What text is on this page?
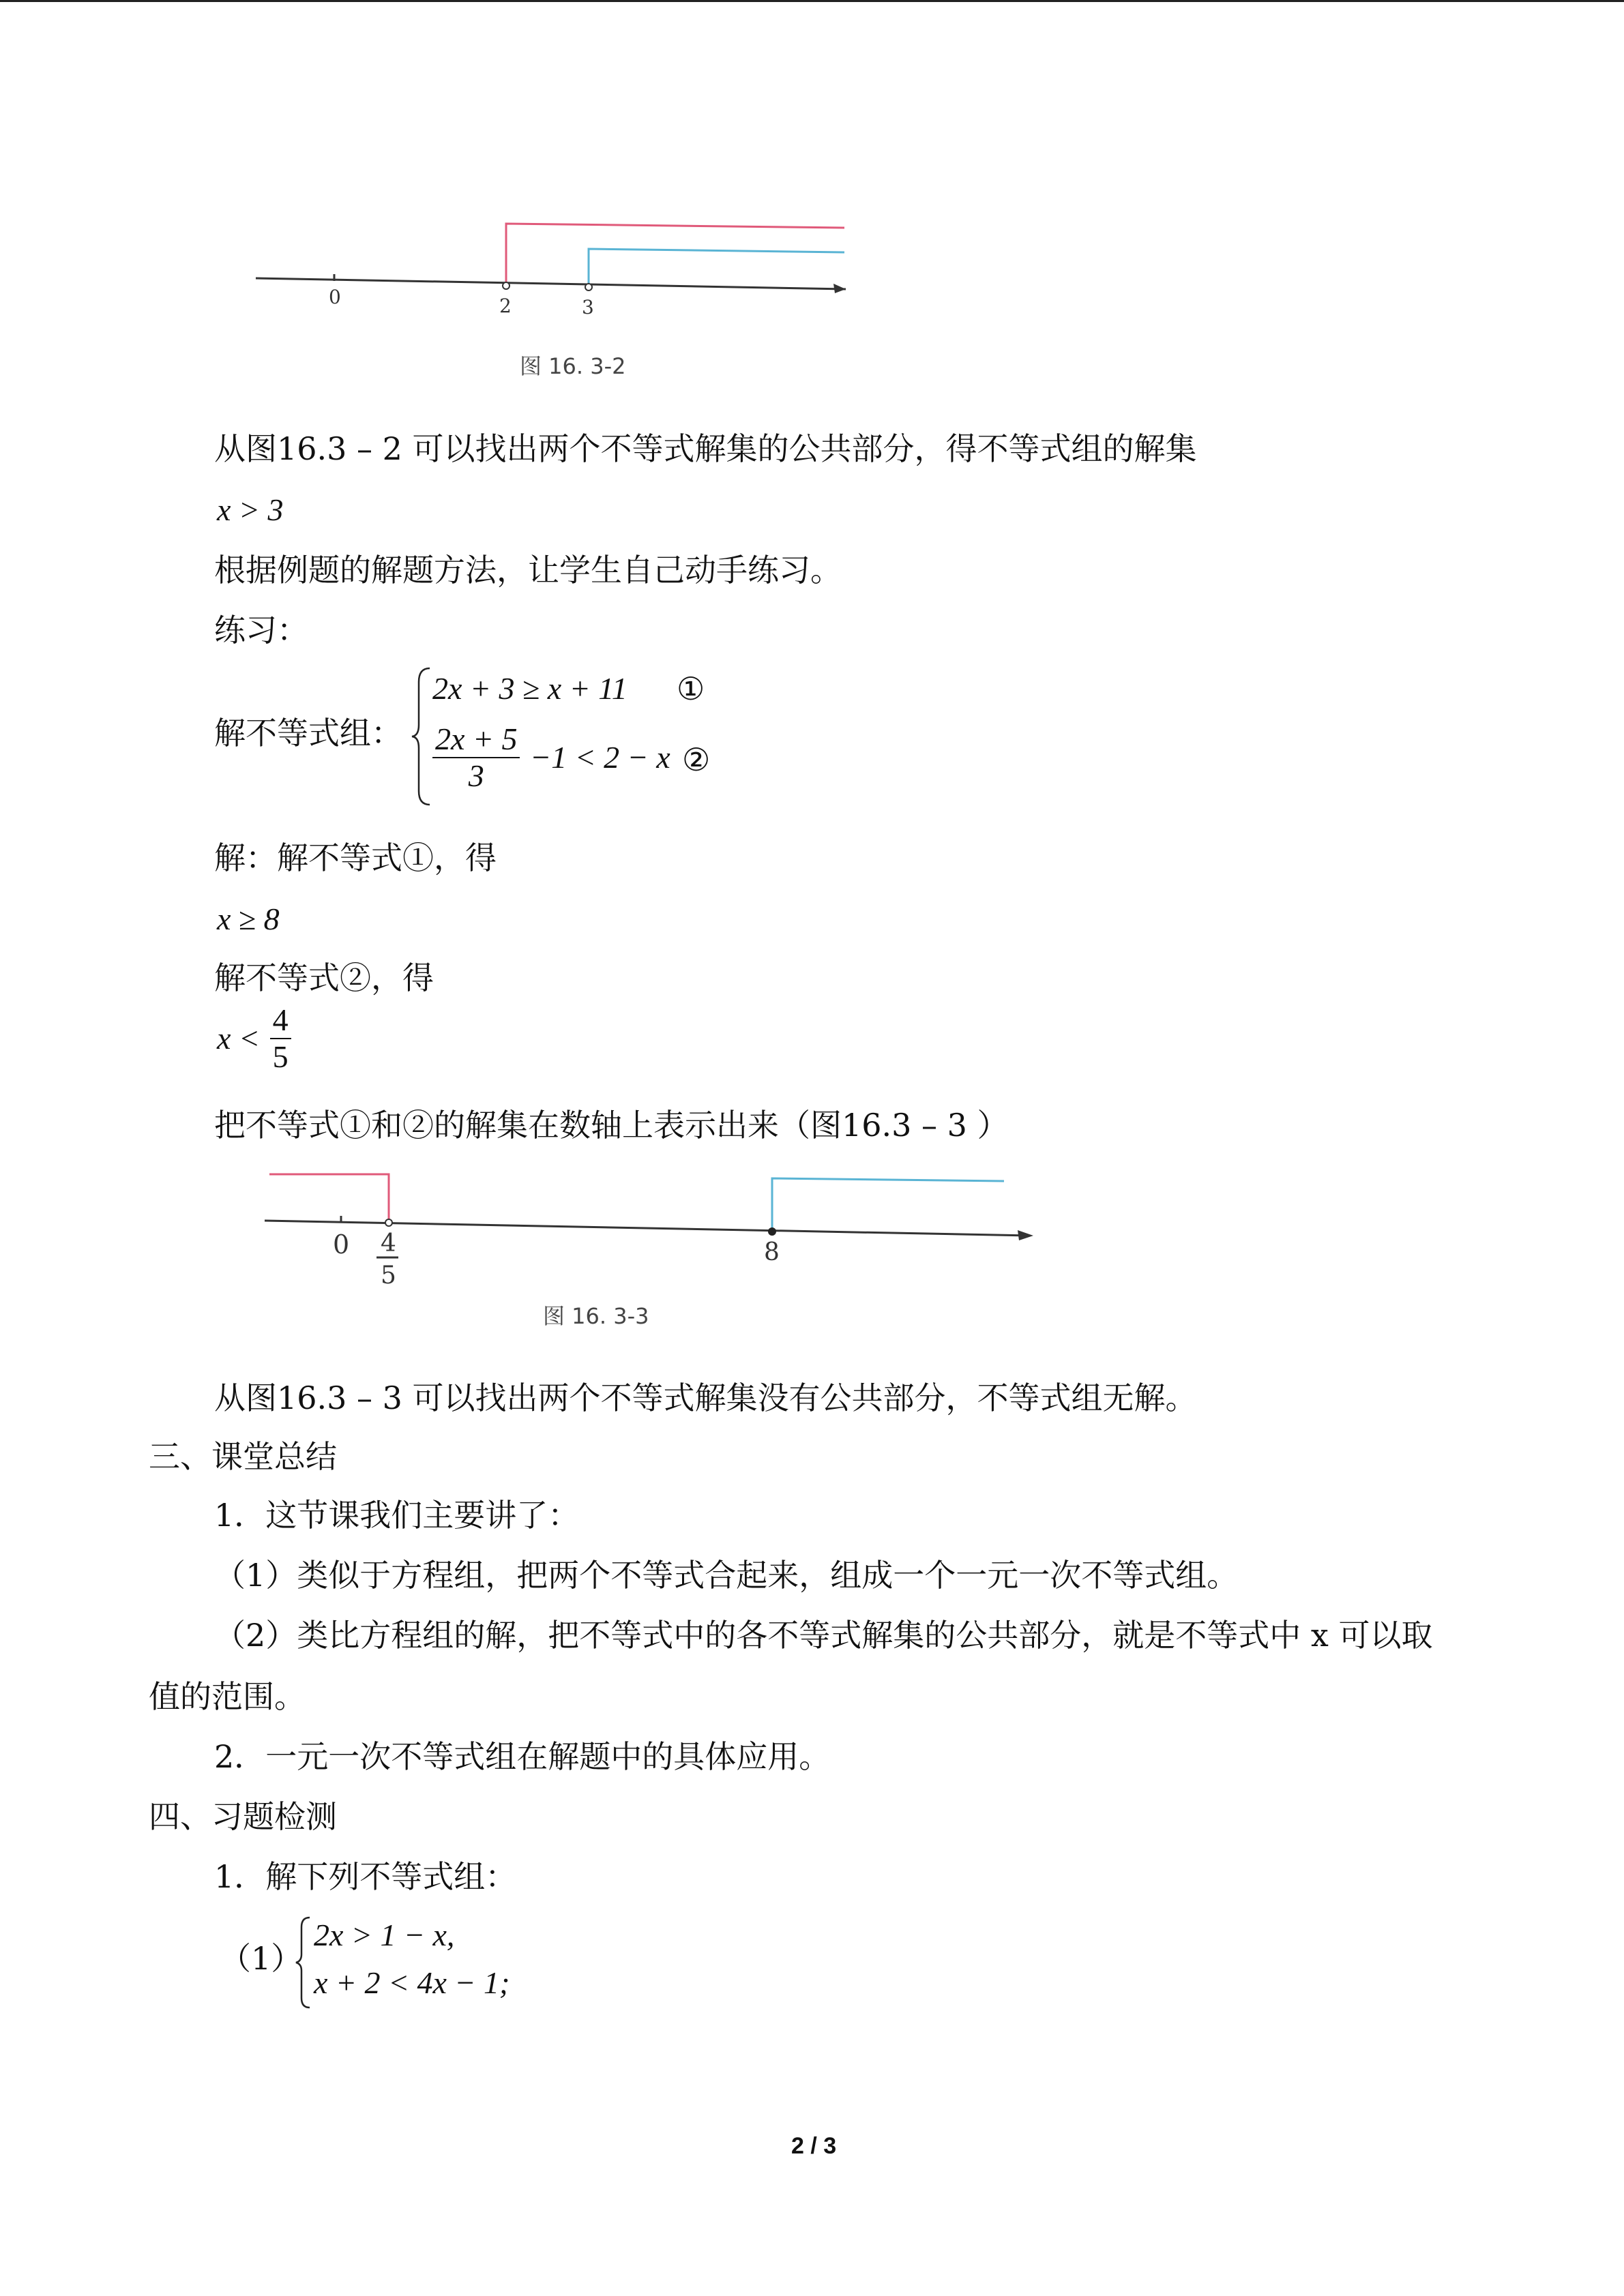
0	2	3
图 16. 3-2
从图16.3 – 2 可以找出两个不等式解集的公共部分，得不等式组的解集
x > 3
根据例题的解题方法，让学生自己动手练习。
练习：
解不等式组：
2x + 3 ≥ x + 11 ①
$\frac{2x + 5}{3} -1 < 2 - x$ ②
解：解不等式①，得
x ≥ 8
解不等式②，得
$x < \frac{4}{5}$
把不等式①和②的解集在数轴上表示出来（图16.3 – 3 ）
0 4
5
8
图 16. 3-3
从图16.3 – 3 可以找出两个不等式解集没有公共部分，不等式组无解。
三、课堂总结
1．这节课我们主要讲了：
（1）类似于方程组，把两个不等式合起来，组成一个一元一次不等式组。
（2）类比方程组的解，把不等式中的各不等式解集的公共部分，就是不等式中 x 可以取
值的范围。
2．一元一次不等式组在解题中的具体应用。
四、习题检测
1．解下列不等式组：
（1）
2x > 1 − x,
x + 2 < 4x − 1;
2 / 3
